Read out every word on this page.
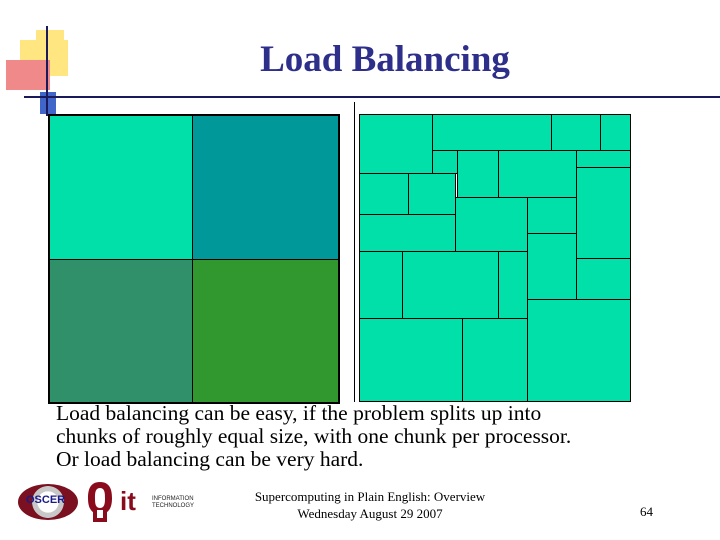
Load Balancing
Load balancing can be easy, if the problem splits up into
chunks of roughly equal size, with one chunk per processor.
Or load balancing can be very hard.
OSCER it	INFORMATION TECHNOLOGY
Supercomputing in Plain English: Overview
Wednesday August 29 2007	64
